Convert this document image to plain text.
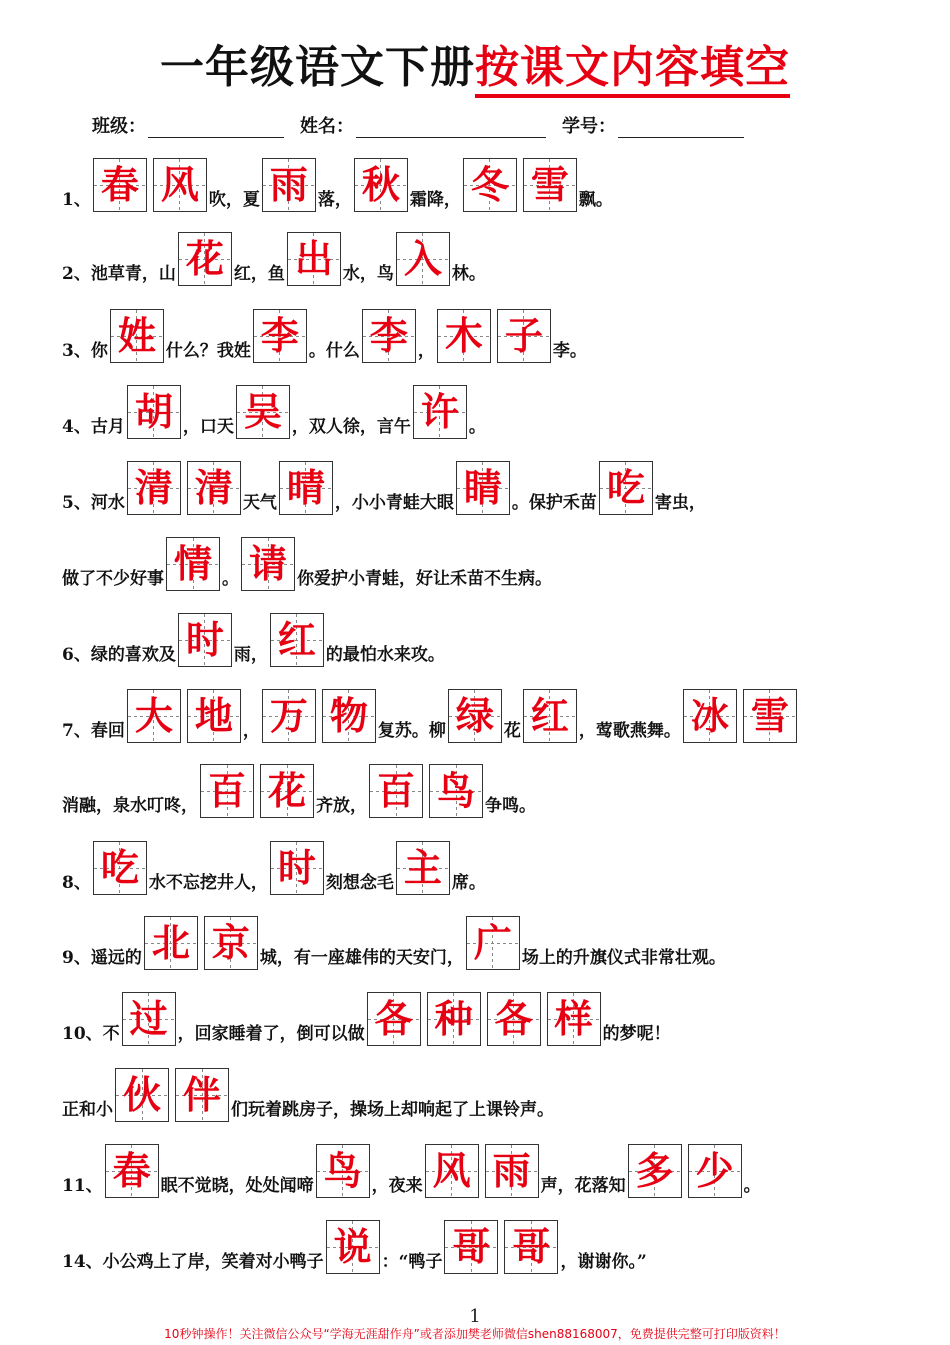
一年级语文下册按课文内容填空
班级：	姓名：	学号：
1、 春 风 吹，夏 雨 落， 秋 霜降， 冬 雪 飘。
2、池草青，山 花 红，鱼 出 水，鸟 入 林。
3、你 姓 什么？我姓 李 。什么 李 ， 木 子 李。
4、古月 胡 ，口天 吴 ，双人徐，言午 许 。
5、河水 清 清 天气 晴 ，小小青蛙大眼 睛 。保护禾苗 吃 害虫，
做了不少好事 情 。 请 你爱护小青蛙，好让禾苗不生病。
6、绿的喜欢及 时 雨， 红 的最怕水来攻。
7、春回 大 地 ， 万 物 复苏。柳 绿 花 红 ，莺歌燕舞。 冰 雪
消融，泉水叮咚， 百 花 齐放， 百 鸟 争鸣。
8、 吃 水不忘挖井人， 时 刻想念毛 主 席。
9、遥远的 北 京 城，有一座雄伟的天安门， 广 场上的升旗仪式非常壮观。
10、不 过 ，回家睡着了，倒可以做 各 种 各 样 的梦呢！
正和小 伙 伴 们玩着跳房子，操场上却响起了上课铃声。
11、 春 眠不觉晓，处处闻啼 鸟 ，夜来 风 雨 声，花落知 多 少 。
14、小公鸡上了岸，笑着对小鸭子 说 ：“鸭子 哥 哥 ，谢谢你。”
1
10秒钟操作！关注微信公众号“学海无涯甜作舟”或者添加樊老师微信shen88168007，免费提供完整可打印版资料！
